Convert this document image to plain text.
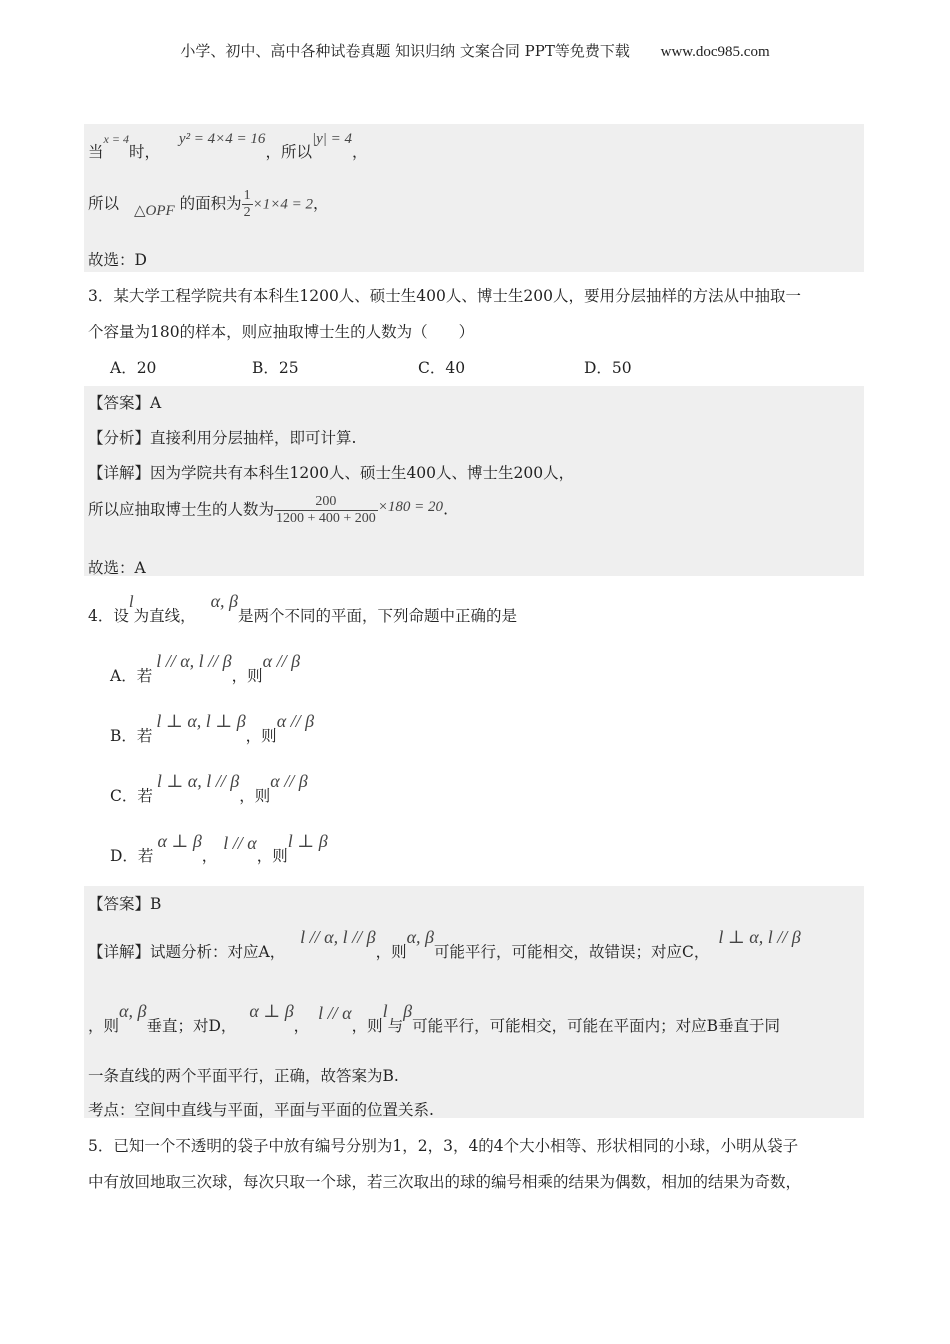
小学、初中、高中各种试卷真题 知识归纳 文案合同 PPT等免费下载 www.doc985.com
当$^{x = 4}$时， y² = 4×4 = 16，所以|y| = 4，
所以 △OPF 的面积为 $\frac{1}{2} \times 1\times 4 = 2$，
故选：D
3．某大学工程学院共有本科生1200人、硕士生400人、博士生200人，要用分层抽样的方法从中抽取一
个容量为180的样本，则应抽取博士生的人数为（　　）
A．20	B．25	C．40	D．50
【答案】A
【分析】直接利用分层抽样，即可计算.
【详解】因为学院共有本科生1200人、硕士生400人、博士生200人，
所以应抽取博士生的人数为 $\frac{200}{1200 + 400 + 200} \times 180 = 20$.
故选：A
4．设l为直线， α, β是两个不同的平面，下列命题中正确的是
A．若l // α, l // β，则α // β
B．若l ⊥ α, l ⊥ β，则α // β
C．若l ⊥ α, l // β，则α // β
D．若α ⊥ β，l // α，则l ⊥ β
【答案】B
【详解】试题分析：对应A， l // α, l // β，则α, β可能平行，可能相交，故错误；对应C， l ⊥ α, l // β
，则α, β垂直；对D， α ⊥ β， l // α，则l与β可能平行，可能相交，可能在平面内；对应B垂直于同
一条直线的两个平面平行，正确，故答案为B.
考点：空间中直线与平面，平面与平面的位置关系.
5．已知一个不透明的袋子中放有编号分别为1，2，3，4的4个大小相等、形状相同的小球，小明从袋子
中有放回地取三次球，每次只取一个球，若三次取出的球的编号相乘的结果为偶数，相加的结果为奇数，
